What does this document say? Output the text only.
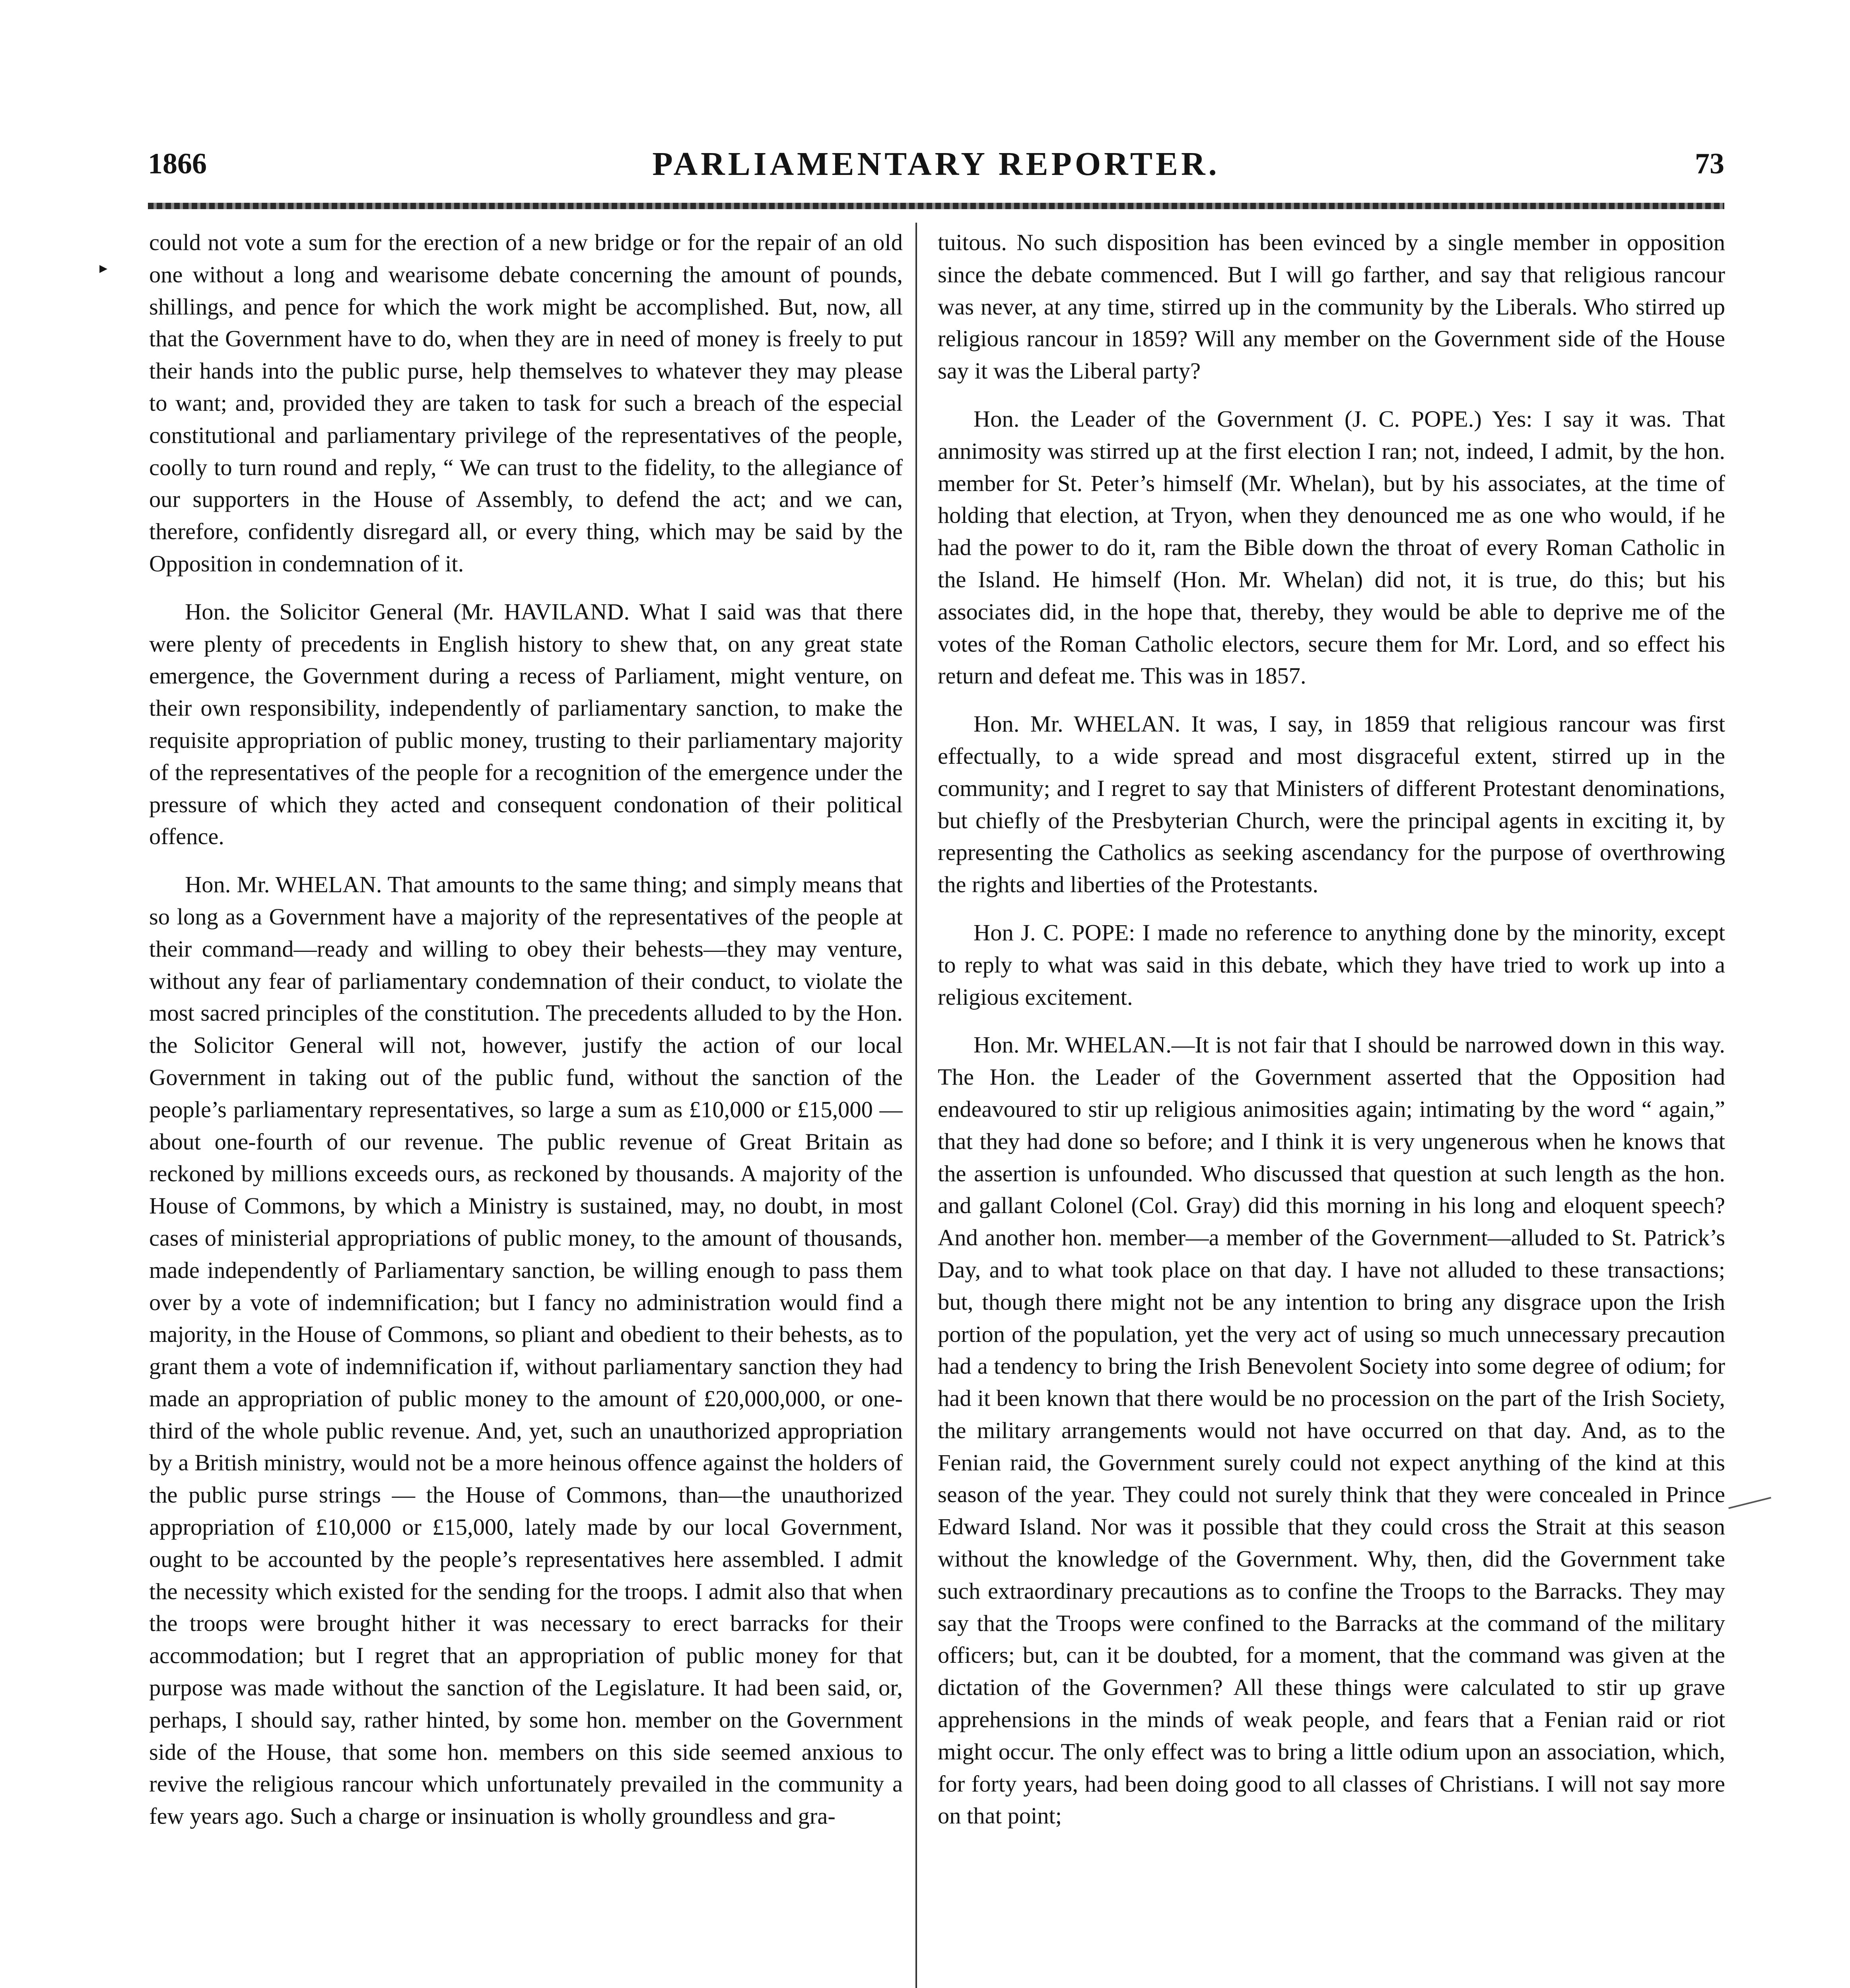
1866	PARLIAMENTARY REPORTER.	73

could not vote a sum for the erection of a new bridge or for the repair of an old one without a long and wearisome debate concerning the amount of pounds, shillings, and pence for which the work might be accomplished. But, now, all that the Government have to do, when they are in need of money is freely to put their hands into the public purse, help themselves to whatever they may please to want; and, provided they are taken to task for such a breach of the especial constitutional and parliamentary privilege of the representatives of the people, coolly to turn round and reply, “ We can trust to the fidelity, to the allegiance of our supporters in the House of Assembly, to defend the act; and we can, therefore, confidently disregard all, or every thing, which may be said by the Opposition in condemnation of it.

Hon. the Solicitor General (Mr. HAVILAND. What I said was that there were plenty of precedents in English history to shew that, on any great state emergence, the Government during a recess of Parliament, might venture, on their own responsibility, independently of parliamentary sanction, to make the requisite appropriation of public money, trusting to their parliamentary majority of the representatives of the people for a recognition of the emergence under the pressure of which they acted and consequent condonation of their political offence.

Hon. Mr. WHELAN. That amounts to the same thing; and simply means that so long as a Government have a majority of the representatives of the people at their command—ready and willing to obey their behests—they may venture, without any fear of parliamentary condemnation of their conduct, to violate the most sacred principles of the constitution. The precedents alluded to by the Hon. the Solicitor General will not, however, justify the action of our local Government in taking out of the public fund, without the sanction of the people’s parliamentary representatives, so large a sum as £10,000 or £15,000 —about one-fourth of our revenue. The public revenue of Great Britain as reckoned by millions exceeds ours, as reckoned by thousands. A majority of the House of Commons, by which a Ministry is sustained, may, no doubt, in most cases of ministerial appropriations of public money, to the amount of thousands, made independently of Parliamentary sanction, be willing enough to pass them over by a vote of indemnification; but I fancy no administration would find a majority, in the House of Commons, so pliant and obedient to their behests, as to grant them a vote of indemnification if, without parliamentary sanction they had made an appropriation of public money to the amount of £20,000,000, or one-third of the whole public revenue. And, yet, such an unauthorized appropriation by a British ministry, would not be a more heinous offence against the holders of the public purse strings — the House of Commons, than—the unauthorized appropriation of £10,000 or £15,000, lately made by our local Government, ought to be accounted by the people’s representatives here assembled. I admit the necessity which existed for the sending for the troops. I admit also that when the troops were brought hither it was necessary to erect barracks for their accommodation; but I regret that an appropriation of public money for that purpose was made without the sanction of the Legislature. It had been said, or, perhaps, I should say, rather hinted, by some hon. member on the Government side of the House, that some hon. members on this side seemed anxious to revive the religious rancour which unfortunately prevailed in the community a few years ago. Such a charge or insinuation is wholly groundless and gra-

tuitous. No such disposition has been evinced by a single member in opposition since the debate commenced. But I will go farther, and say that religious rancour was never, at any time, stirred up in the community by the Liberals. Who stirred up religious rancour in 1859? Will any member on the Government side of the House say it was the Liberal party?

Hon. the Leader of the Government (J. C. POPE.) Yes: I say it was. That annimosity was stirred up at the first election I ran; not, indeed, I admit, by the hon. member for St. Peter’s himself (Mr. Whelan), but by his associates, at the time of holding that election, at Tryon, when they denounced me as one who would, if he had the power to do it, ram the Bible down the throat of every Roman Catholic in the Island. He himself (Hon. Mr. Whelan) did not, it is true, do this; but his associates did, in the hope that, thereby, they would be able to deprive me of the votes of the Roman Catholic electors, secure them for Mr. Lord, and so effect his return and defeat me. This was in 1857.

Hon. Mr. WHELAN. It was, I say, in 1859 that religious rancour was first effectually, to a wide spread and most disgraceful extent, stirred up in the community; and I regret to say that Ministers of different Protestant denominations, but chiefly of the Presbyterian Church, were the principal agents in exciting it, by representing the Catholics as seeking ascendancy for the purpose of overthrowing the rights and liberties of the Protestants.

Hon J. C. POPE: I made no reference to anything done by the minority, except to reply to what was said in this debate, which they have tried to work up into a religious excitement.

Hon. Mr. WHELAN.—It is not fair that I should be narrowed down in this way. The Hon. the Leader of the Government asserted that the Opposition had endeavoured to stir up religious animosities again; intimating by the word “ again,” that they had done so before; and I think it is very ungenerous when he knows that the assertion is unfounded. Who discussed that question at such length as the hon. and gallant Colonel (Col. Gray) did this morning in his long and eloquent speech? And another hon. member—a member of the Government—alluded to St. Patrick’s Day, and to what took place on that day. I have not alluded to these transactions; but, though there might not be any intention to bring any disgrace upon the Irish portion of the population, yet the very act of using so much unnecessary precaution had a tendency to bring the Irish Benevolent Society into some degree of odium; for had it been known that there would be no procession on the part of the Irish Society, the military arrangements would not have occurred on that day. And, as to the Fenian raid, the Government surely could not expect anything of the kind at this season of the year. They could not surely think that they were concealed in Prince Edward Island. Nor was it possible that they could cross the Strait at this season without the knowledge of the Government. Why, then, did the Government take such extraordinary precautions as to confine the Troops to the Barracks. They may say that the Troops were confined to the Barracks at the command of the military officers; but, can it be doubted, for a moment, that the command was given at the dictation of the Governmen? All these things were calculated to stir up grave apprehensions in the minds of weak people, and fears that a Fenian raid or riot might occur. The only effect was to bring a little odium upon an association, which, for forty years, had been doing good to all classes of Christians. I will not say more on that point;

▸
